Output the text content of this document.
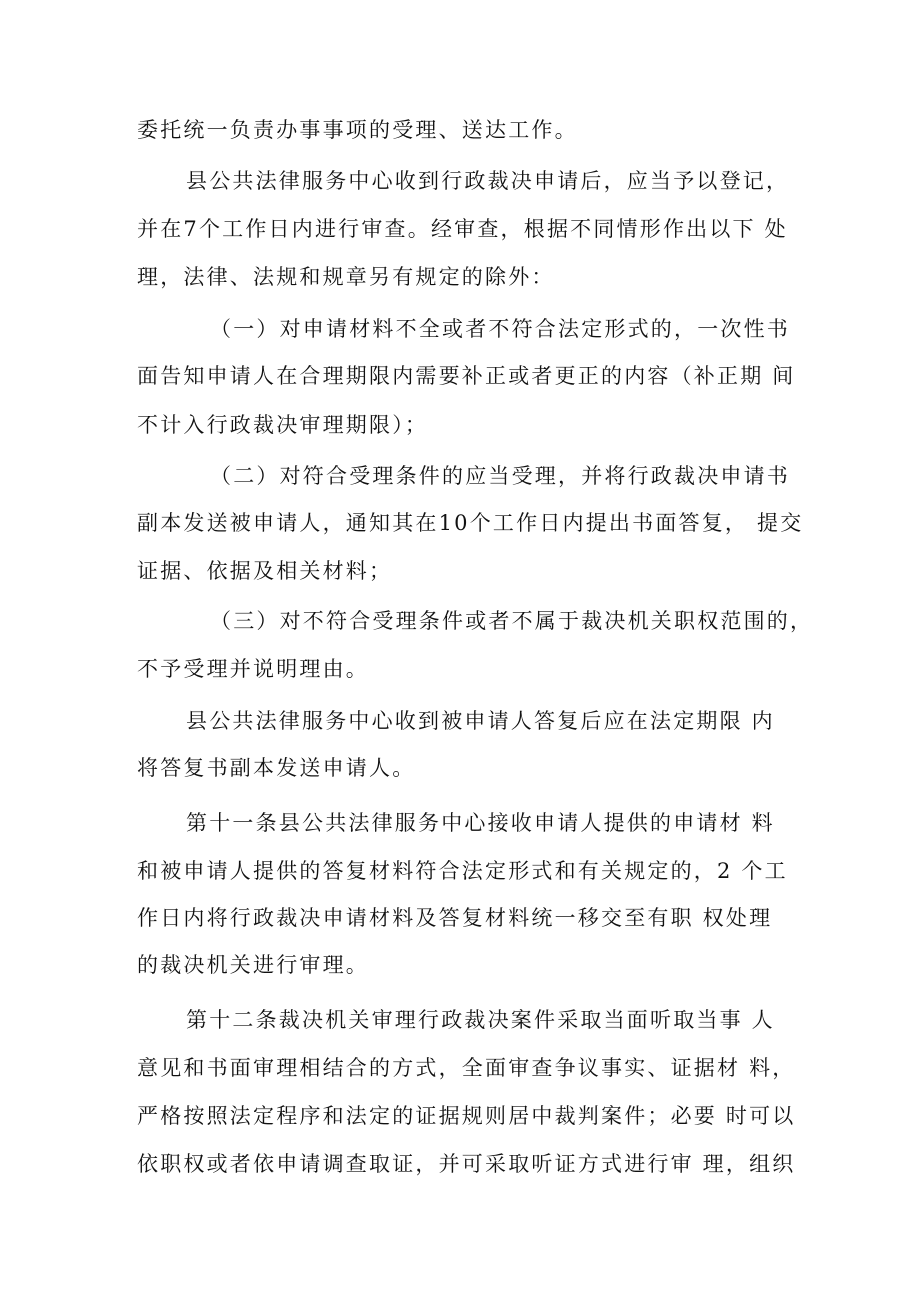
委托统一负责办事事项的受理、送达工作。
县公共法律服务中心收到行政裁决申请后，应当予以登记，
并在7个工作日内进行审查。经审查，根据不同情形作出以下 处
理，法律、法规和规章另有规定的除外：
（一）对申请材料不全或者不符合法定形式的，一次性书
面告知申请人在合理期限内需要补正或者更正的内容（补正期 间
不计入行政裁决审理期限）；
（二）对符合受理条件的应当受理，并将行政裁决申请书
副本发送被申请人，通知其在10个工作日内提出书面答复， 提交
证据、依据及相关材料；
（三）对不符合受理条件或者不属于裁决机关职权范围的，
不予受理并说明理由。
县公共法律服务中心收到被申请人答复后应在法定期限 内
将答复书副本发送申请人。
第十一条县公共法律服务中心接收申请人提供的申请材 料
和被申请人提供的答复材料符合法定形式和有关规定的，2 个工
作日内将行政裁决申请材料及答复材料统一移交至有职 权处理
的裁决机关进行审理。
第十二条裁决机关审理行政裁决案件采取当面听取当事 人
意见和书面审理相结合的方式，全面审查争议事实、证据材 料，
严格按照法定程序和法定的证据规则居中裁判案件；必要 时可以
依职权或者依申请调查取证，并可采取听证方式进行审 理，组织
